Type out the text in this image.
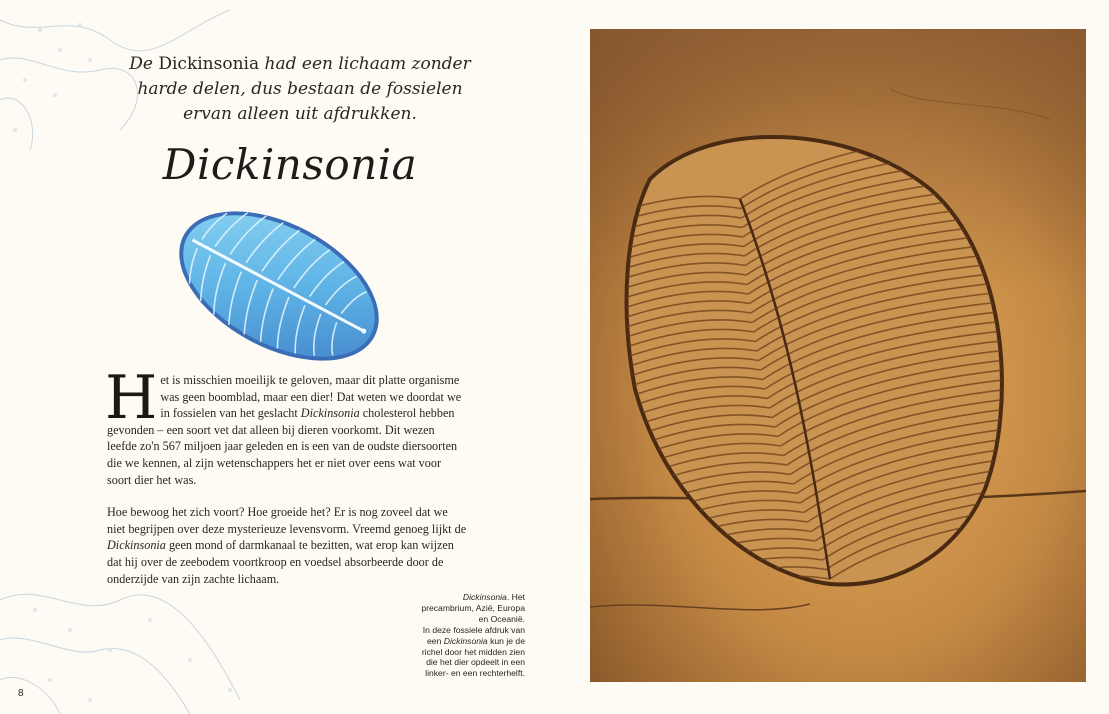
De Dickinsonia had een lichaam zonder harde delen, dus bestaan de fossielen ervan alleen uit afdrukken.
Dickinsonia

Het is misschien moeilijk te geloven, maar dit platte organisme was geen boomblad, maar een dier! Dat weten we doordat we in fossielen van het geslacht Dickinsonia cholesterol hebben gevonden – een soort vet dat alleen bij dieren voorkomt. Dit wezen leefde zo'n 567 miljoen jaar geleden en is een van de oudste diersoorten die we kennen, al zijn wetenschappers het er niet over eens wat voor soort dier het was.

Hoe bewoog het zich voort? Hoe groeide het? Er is nog zoveel dat we niet begrijpen over deze mysterieuze levensvorm. Vreemd genoeg lijkt de Dickinsonia geen mond of darmkanaal te bezitten, wat erop kan wijzen dat hij over de zeebodem voortkroop en voedsel absorbeerde door de onderzijde van zijn zachte lichaam.

Dickinsonia. Het precambrium, Azië, Europa en Oceanië.
In deze fossiele afdruk van een Dickinsonia kun je de richel door het midden zien die het dier opdeelt in een linker- en een rechterhelft.
8
